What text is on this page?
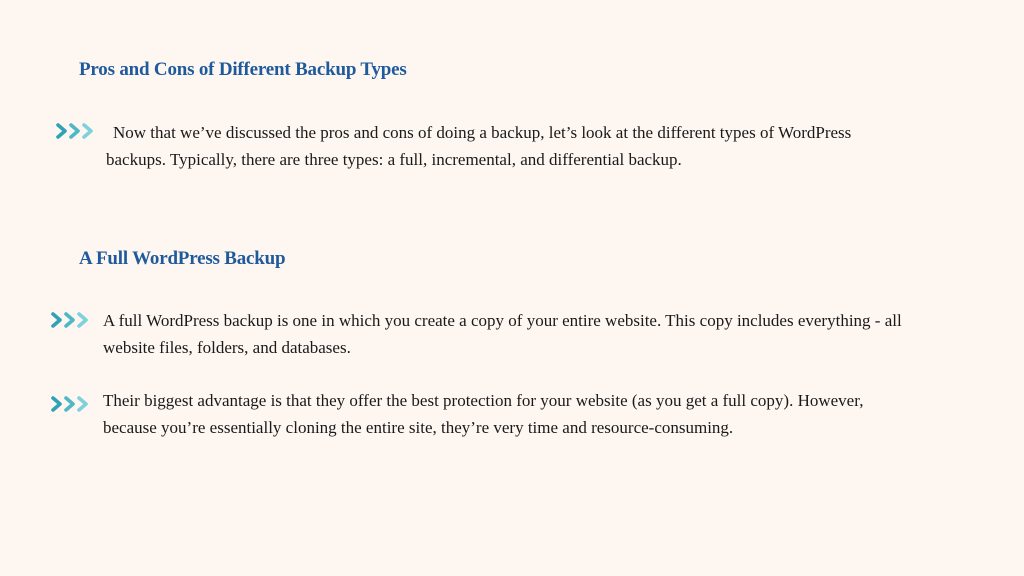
Pros and Cons of Different Backup Types

Now that we’ve discussed the pros and cons of doing a backup, let’s look at the different types of WordPress backups. Typically, there are three types: a full, incremental, and differential backup.

A Full WordPress Backup

A full WordPress backup is one in which you create a copy of your entire website. This copy includes everything - all website files, folders, and databases.

Their biggest advantage is that they offer the best protection for your website (as you get a full copy). However, because you’re essentially cloning the entire site, they’re very time and resource-consuming.
